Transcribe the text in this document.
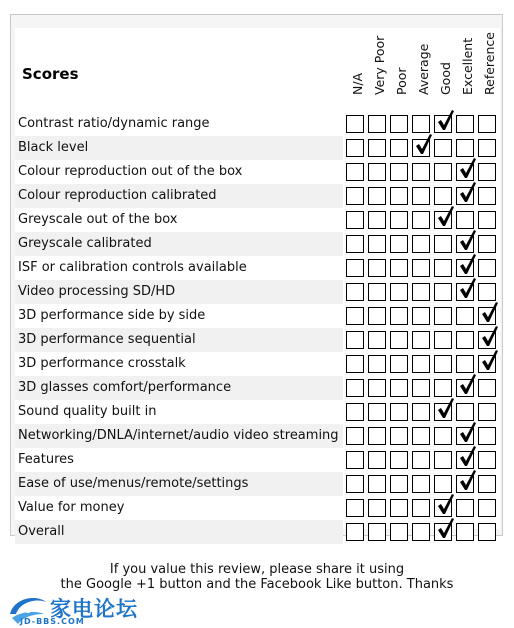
Scores	N/A Very Poor Poor Average Good Excellent Reference
Contrast ratio/dynamic range
Black level
Colour reproduction out of the box
Colour reproduction calibrated
Greyscale out of the box
Greyscale calibrated
ISF or calibration controls available
Video processing SD/HD
3D performance side by side
3D performance sequential
3D performance crosstalk
3D glasses comfort/performance
Sound quality built in
Networking/DNLA/internet/audio video streaming
Features
Ease of use/menus/remote/settings
Value for money
Overall
If you value this review, please share it using
the Google +1 button and the Facebook Like button. Thanks
家电论坛
JD-BBS.COM
